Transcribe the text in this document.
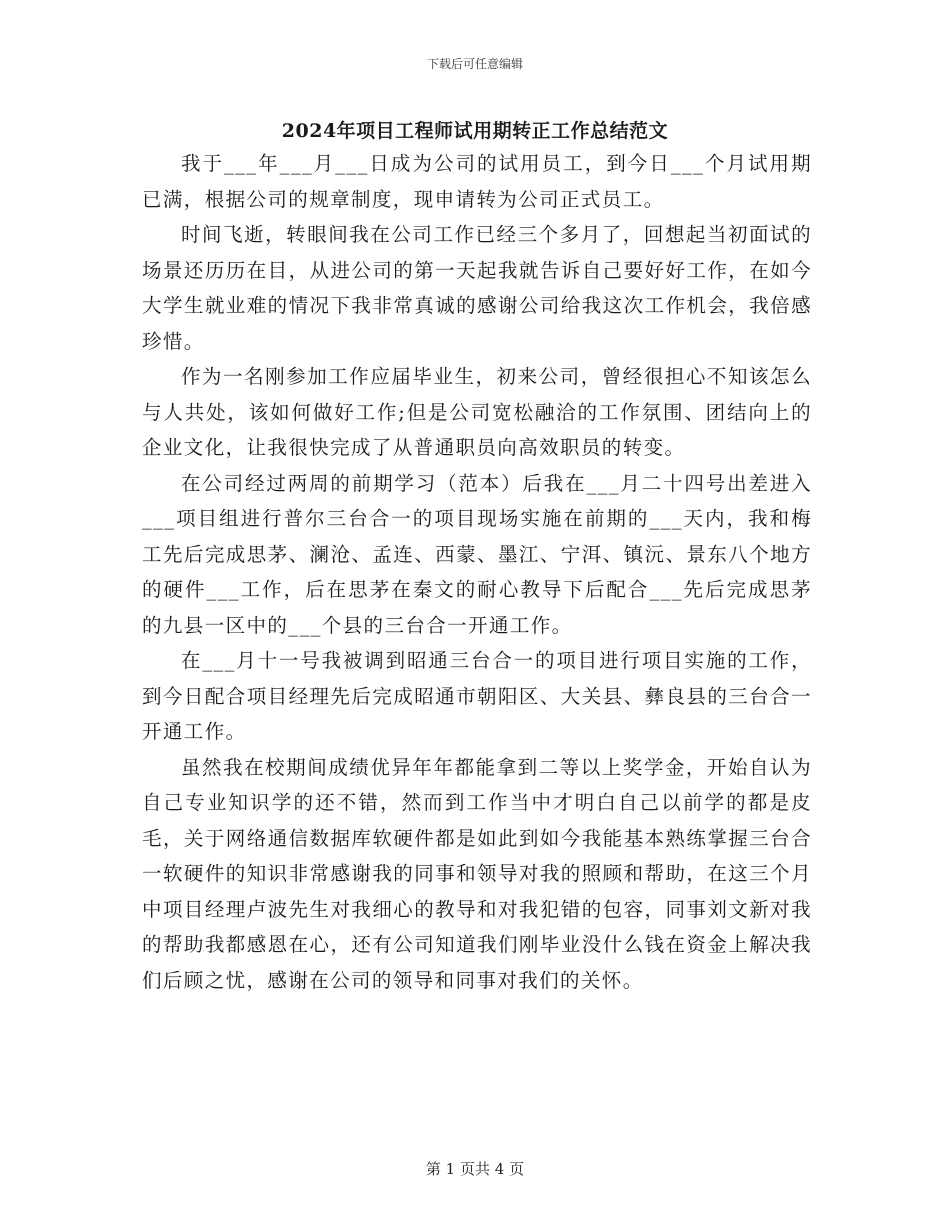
下载后可任意编辑
2024年项目工程师试用期转正工作总结范文

我于___年___月___日成为公司的试用员工，到今日___个月试用期已满，根据公司的规章制度，现申请转为公司正式员工。

时间飞逝，转眼间我在公司工作已经三个多月了，回想起当初面试的场景还历历在目，从进公司的第一天起我就告诉自己要好好工作，在如今大学生就业难的情况下我非常真诚的感谢公司给我这次工作机会，我倍感珍惜。

作为一名刚参加工作应届毕业生，初来公司，曾经很担心不知该怎么与人共处，该如何做好工作;但是公司宽松融洽的工作氛围、团结向上的企业文化，让我很快完成了从普通职员向高效职员的转变。

在公司经过两周的前期学习（范本）后我在___月二十四号出差进入___项目组进行普尔三台合一的项目现场实施在前期的___天内，我和梅工先后完成思茅、澜沧、孟连、西蒙、墨江、宁洱、镇沅、景东八个地方的硬件___工作，后在思茅在秦文的耐心教导下后配合___先后完成思茅的九县一区中的___个县的三台合一开通工作。

在___月十一号我被调到昭通三台合一的项目进行项目实施的工作，到今日配合项目经理先后完成昭通市朝阳区、大关县、彝良县的三台合一开通工作。

虽然我在校期间成绩优异年年都能拿到二等以上奖学金，开始自认为自己专业知识学的还不错，然而到工作当中才明白自己以前学的都是皮毛，关于网络通信数据库软硬件都是如此到如今我能基本熟练掌握三台合一软硬件的知识非常感谢我的同事和领导对我的照顾和帮助，在这三个月中项目经理卢波先生对我细心的教导和对我犯错的包容，同事刘文新对我的帮助我都感恩在心，还有公司知道我们刚毕业没什么钱在资金上解决我们后顾之忧，感谢在公司的领导和同事对我们的关怀。

第 1 页共 4 页
